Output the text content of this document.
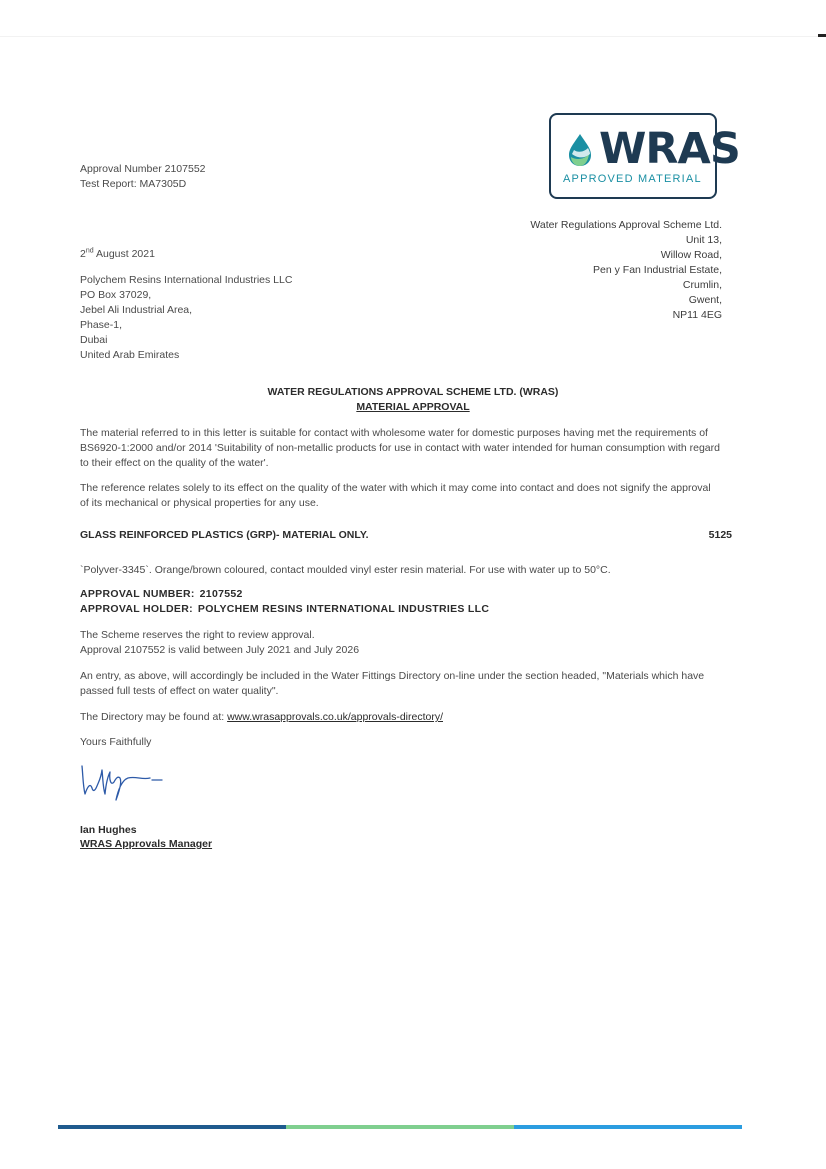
WRAS
APPROVED MATERIAL
Approval Number 2107552
Test Report: MA7305D
Water Regulations Approval Scheme Ltd.
Unit 13,
Willow Road,
Pen y Fan Industrial Estate,
Crumlin,
Gwent,
NP11 4EG
2nd August 2021
Polychem Resins International Industries LLC
PO Box 37029,
Jebel Ali Industrial Area,
Phase-1,
Dubai
United Arab Emirates
WATER REGULATIONS APPROVAL SCHEME LTD. (WRAS)
MATERIAL APPROVAL
The material referred to in this letter is suitable for contact with wholesome water for domestic purposes having met the requirements of BS6920-1:2000 and/or 2014 'Suitability of non-metallic products for use in contact with water intended for human consumption with regard to their effect on the quality of the water'.
The reference relates solely to its effect on the quality of the water with which it may come into contact and does not signify the approval of its mechanical or physical properties for any use.
GLASS REINFORCED PLASTICS (GRP)- MATERIAL ONLY.	5125
`Polyver-3345`. Orange/brown coloured, contact moulded vinyl ester resin material. For use with water up to 50°C.
APPROVAL NUMBER: 2107552
APPROVAL HOLDER: POLYCHEM RESINS INTERNATIONAL INDUSTRIES LLC
The Scheme reserves the right to review approval.
Approval 2107552 is valid between July 2021 and July 2026
An entry, as above, will accordingly be included in the Water Fittings Directory on-line under the section headed, "Materials which have passed full tests of effect on water quality".
The Directory may be found at: www.wrasapprovals.co.uk/approvals-directory/
Yours Faithfully
Ian Hughes
WRAS Approvals Manager
